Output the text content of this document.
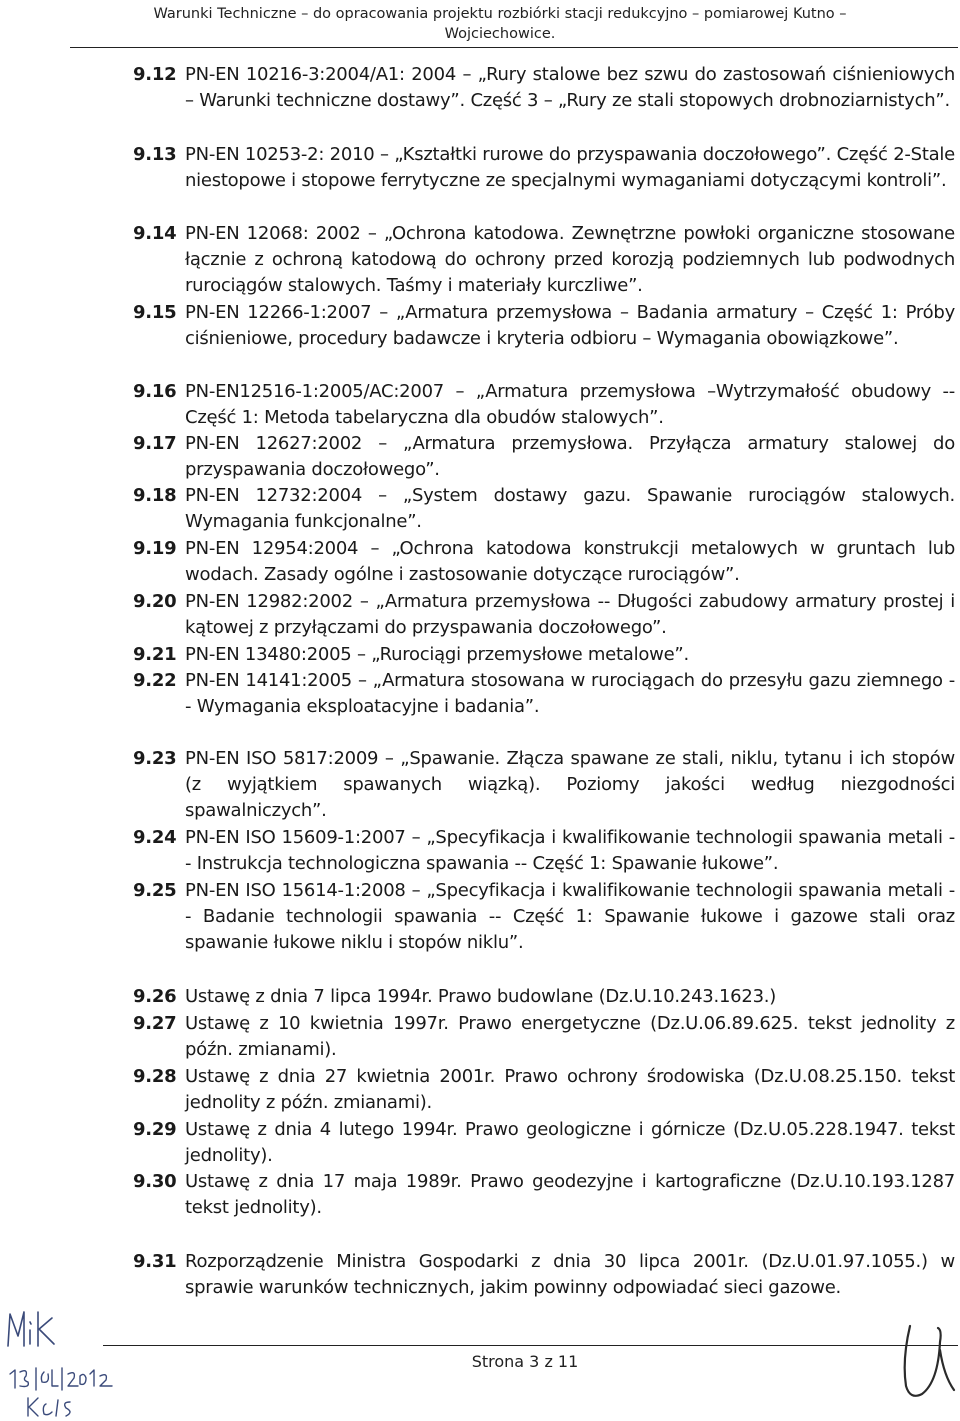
Warunki Techniczne – do opracowania projektu rozbiórki stacji redukcyjno – pomiarowej Kutno –
Wojciechowice.
9.12 PN-EN 10216-3:2004/A1: 2004 – „Rury stalowe bez szwu do zastosowań ciśnieniowych – Warunki techniczne dostawy”. Część 3 – „Rury ze stali stopowych drobnoziarnistych”.
9.13 PN-EN 10253-2: 2010 – „Kształtki rurowe do przyspawania doczołowego”. Część 2-Stale niestopowe i stopowe ferrytyczne ze specjalnymi wymaganiami dotyczącymi kontroli”.
9.14 PN-EN 12068: 2002 – „Ochrona katodowa. Zewnętrzne powłoki organiczne stosowane łącznie z ochroną katodową do ochrony przed korozją podziemnych lub podwodnych rurociągów stalowych. Taśmy i materiały kurczliwe”.
9.15 PN-EN 12266-1:2007 – „Armatura przemysłowa – Badania armatury – Część 1: Próby ciśnieniowe, procedury badawcze i kryteria odbioru – Wymagania obowiązkowe”.
9.16 PN-EN12516-1:2005/AC:2007 – „Armatura przemysłowa –Wytrzymałość obudowy -- Część 1: Metoda tabelaryczna dla obudów stalowych”.
9.17 PN-EN 12627:2002 – „Armatura przemysłowa. Przyłącza armatury stalowej do przyspawania doczołowego”.
9.18 PN-EN 12732:2004 – „System dostawy gazu. Spawanie rurociągów stalowych. Wymagania funkcjonalne”.
9.19 PN-EN 12954:2004 – „Ochrona katodowa konstrukcji metalowych w gruntach lub wodach. Zasady ogólne i zastosowanie dotyczące rurociągów”.
9.20 PN-EN 12982:2002 – „Armatura przemysłowa -- Długości zabudowy armatury prostej i kątowej z przyłączami do przyspawania doczołowego”.
9.21 PN-EN 13480:2005 – „Rurociągi przemysłowe metalowe”.
9.22 PN-EN 14141:2005 – „Armatura stosowana w rurociągach do przesyłu gazu ziemnego -- Wymagania eksploatacyjne i badania”.
9.23 PN-EN ISO 5817:2009 – „Spawanie. Złącza spawane ze stali, niklu, tytanu i ich stopów (z wyjątkiem spawanych wiązką). Poziomy jakości według niezgodności spawalniczych”.
9.24 PN-EN ISO 15609-1:2007 – „Specyfikacja i kwalifikowanie technologii spawania metali -- Instrukcja technologiczna spawania -- Część 1: Spawanie łukowe”.
9.25 PN-EN ISO 15614-1:2008 – „Specyfikacja i kwalifikowanie technologii spawania metali -- Badanie technologii spawania -- Część 1: Spawanie łukowe i gazowe stali oraz spawanie łukowe niklu i stopów niklu”.
9.26 Ustawę z dnia 7 lipca 1994r. Prawo budowlane (Dz.U.10.243.1623.)
9.27 Ustawę z 10 kwietnia 1997r. Prawo energetyczne (Dz.U.06.89.625. tekst jednolity z późn. zmianami).
9.28 Ustawę z dnia 27 kwietnia 2001r. Prawo ochrony środowiska (Dz.U.08.25.150. tekst jednolity z późn. zmianami).
9.29 Ustawę z dnia 4 lutego 1994r. Prawo geologiczne i górnicze (Dz.U.05.228.1947. tekst jednolity).
9.30 Ustawę z dnia 17 maja 1989r. Prawo geodezyjne i kartograficzne (Dz.U.10.193.1287 tekst jednolity).
9.31 Rozporządzenie Ministra Gospodarki z dnia 30 lipca 2001r. (Dz.U.01.97.1055.) w sprawie warunków technicznych, jakim powinny odpowiadać sieci gazowe.
Strona 3 z 11
